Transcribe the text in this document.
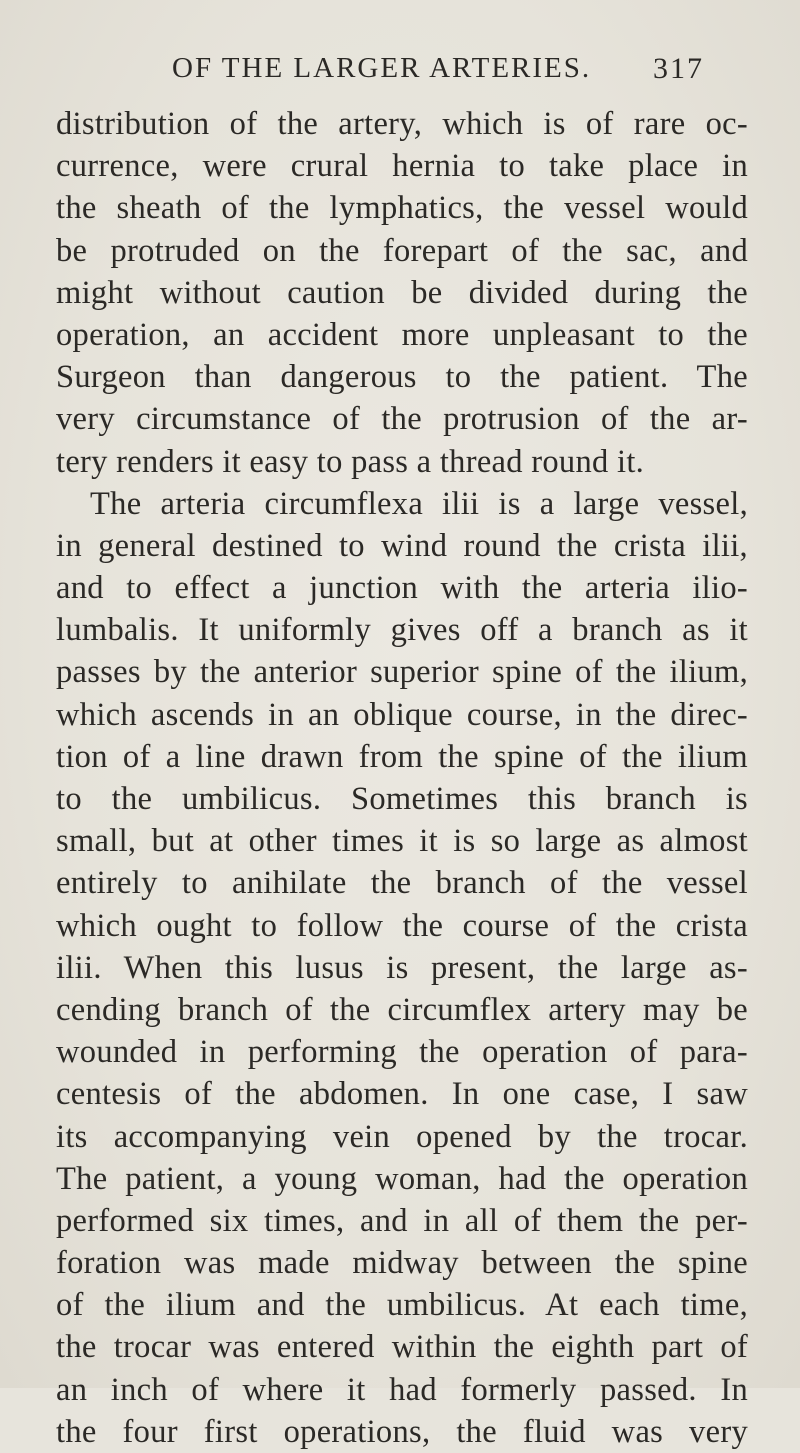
OF THE LARGER ARTERIES. 317
distribution of the artery, which is of rare oc-
currence, were crural hernia to take place in
the sheath of the lymphatics, the vessel would
be protruded on the forepart of the sac, and
might without caution be divided during the
operation, an accident more unpleasant to the
Surgeon than dangerous to the patient. The
very circumstance of the protrusion of the ar-
tery renders it easy to pass a thread round it.
The arteria circumflexa ilii is a large vessel,
in general destined to wind round the crista ilii,
and to effect a junction with the arteria ilio-
lumbalis. It uniformly gives off a branch as it
passes by the anterior superior spine of the ilium,
which ascends in an oblique course, in the direc-
tion of a line drawn from the spine of the ilium
to the umbilicus. Sometimes this branch is
small, but at other times it is so large as almost
entirely to anihilate the branch of the vessel
which ought to follow the course of the crista
ilii. When this lusus is present, the large as-
cending branch of the circumflex artery may be
wounded in performing the operation of para-
centesis of the abdomen. In one case, I saw
its accompanying vein opened by the trocar.
The patient, a young woman, had the operation
performed six times, and in all of them the per-
foration was made midway between the spine
of the ilium and the umbilicus. At each time,
the trocar was entered within the eighth part of
an inch of where it had formerly passed. In
the four first operations, the fluid was very
